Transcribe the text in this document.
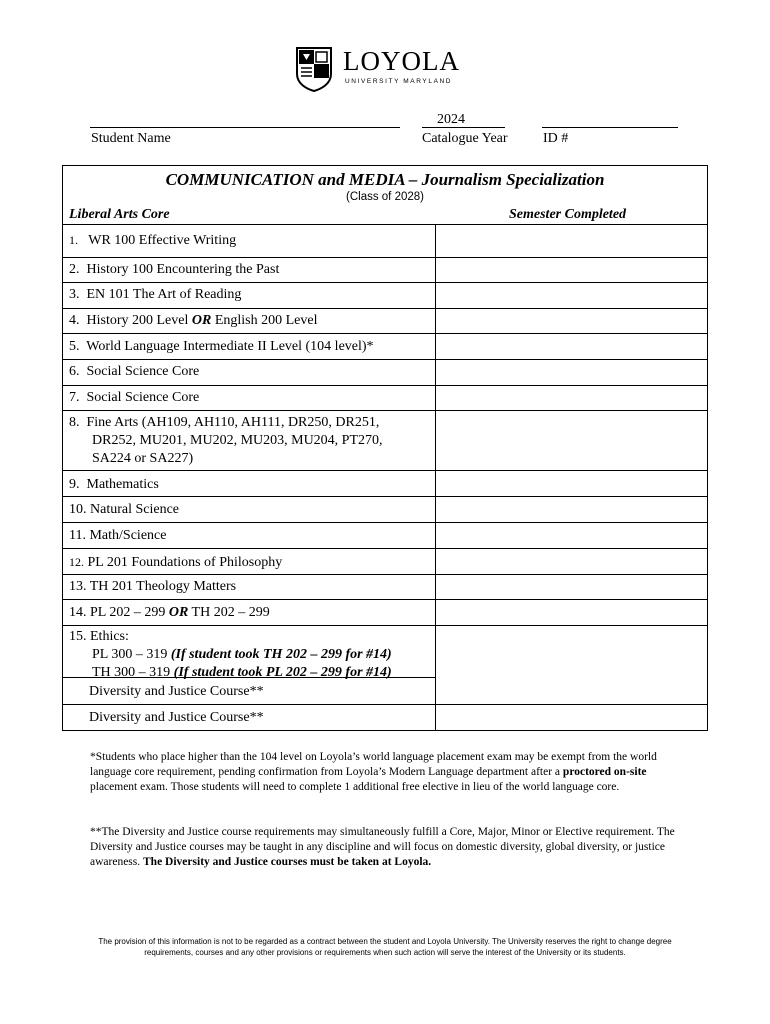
LOYOLA
UNIVERSITY MARYLAND
Student Name
2024
Catalogue Year	ID #
COMMUNICATION and MEDIA – Journalism Specialization
(Class of 2028)
Liberal Arts Core	Semester Completed
1. WR 100 Effective Writing
2. History 100 Encountering the Past
3. EN 101 The Art of Reading
4. History 200 Level OR English 200 Level
5. World Language Intermediate II Level (104 level)*
6. Social Science Core
7. Social Science Core
8. Fine Arts (AH109, AH110, AH111, DR250, DR251,
DR252, MU201, MU202, MU203, MU204, PT270,
SA224 or SA227)
9. Mathematics
10. Natural Science
11. Math/Science
12. PL 201 Foundations of Philosophy
13. TH 201 Theology Matters
14. PL 202 – 299 OR TH 202 – 299
15. Ethics:
PL 300 – 319 (If student took TH 202 – 299 for #14)
TH 300 – 319 (If student took PL 202 – 299 for #14)
Diversity and Justice Course**
Diversity and Justice Course**
*Students who place higher than the 104 level on Loyola’s world language placement exam may be exempt from the world language core requirement, pending confirmation from Loyola’s Modern Language department after a proctored on-site placement exam. Those students will need to complete 1 additional free elective in lieu of the world language core.
**The Diversity and Justice course requirements may simultaneously fulfill a Core, Major, Minor or Elective requirement. The Diversity and Justice courses may be taught in any discipline and will focus on domestic diversity, global diversity, or justice awareness. The Diversity and Justice courses must be taken at Loyola.
The provision of this information is not to be regarded as a contract between the student and Loyola University. The University reserves the right to change degree requirements, courses and any other provisions or requirements when such action will serve the interest of the University or its students.
